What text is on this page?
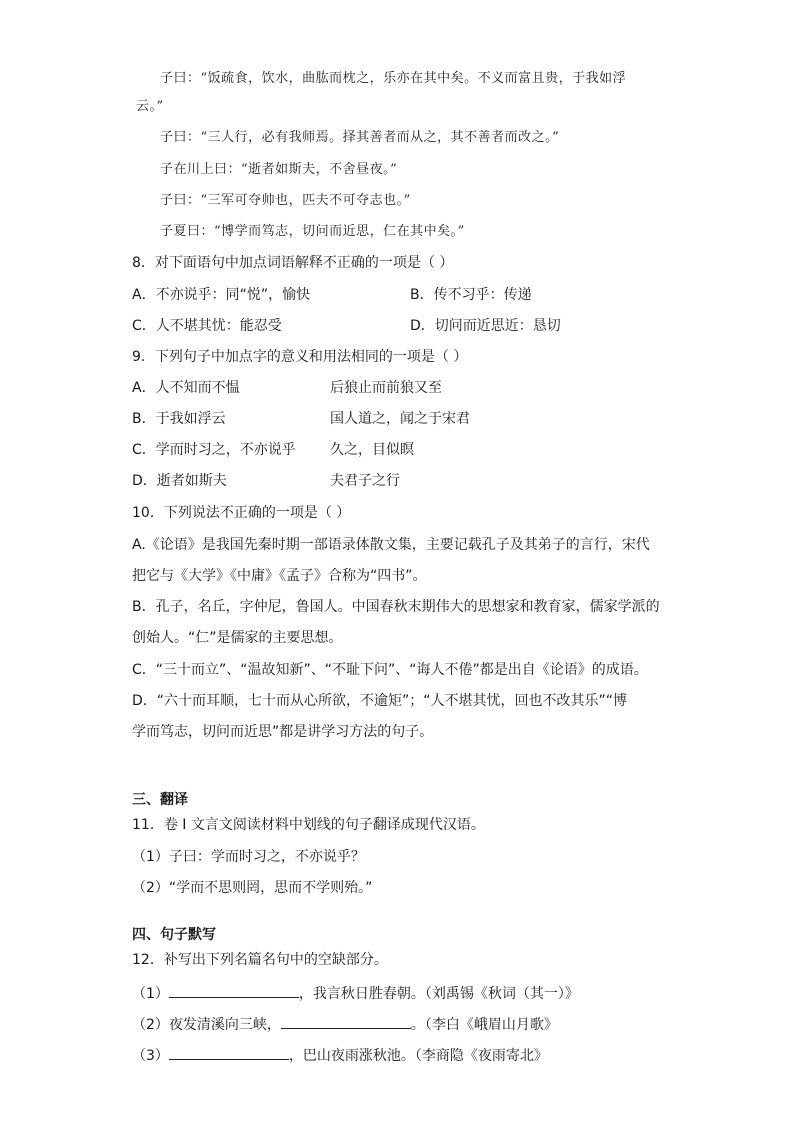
子曰：“饭疏食，饮水，曲肱而枕之，乐亦在其中矣。不义而富且贵，于我如浮
云。”
子曰：“三人行，必有我师焉。择其善者而从之，其不善者而改之。”
子在川上曰：“逝者如斯夫，不舍昼夜。”
子曰：“三军可夺帅也，匹夫不可夺志也。”
子夏曰：“博学而笃志，切问而近思，仁在其中矣。”
8．对下面语句中加点词语解释不正确的一项是（ ）
A．不亦说乎：同“悦”，愉快	B．传不习乎：传递
C．人不堪其忧：能忍受	D．切问而近思近：恳切
9．下列句子中加点字的意义和用法相同的一项是（ ）
A．人不知而不愠	后狼止而前狼又至
B．于我如浮云	国人道之，闻之于宋君
C．学而时习之，不亦说乎 久之，目似瞑
D．逝者如斯夫	夫君子之行
10．下列说法不正确的一项是（ ）
A.《论语》是我国先秦时期一部语录体散文集，主要记载孔子及其弟子的言行，宋代
把它与《大学》《中庸》《孟子》合称为“四书”。
B．孔子，名丘，字仲尼，鲁国人。中国春秋末期伟大的思想家和教育家，儒家学派的
创始人。“仁”是儒家的主要思想。
C．“三十而立”、“温故知新”、“不耻下问”、“诲人不倦”都是出自《论语》的成语。
D．“六十而耳顺，七十而从心所欲，不逾矩”；“人不堪其忧，回也不改其乐”“博
学而笃志，切问而近思”都是讲学习方法的句子。
三、翻译
11．卷 I 文言文阅读材料中划线的句子翻译成现代汉语。
（1）子曰：学而时习之，不亦说乎？
（2）“学而不思则罔，思而不学则殆。”
四、句子默写
12．补写出下列名篇名句中的空缺部分。
（1）	，我言秋日胜春朝。（刘禹锡《秋词（其一）》
（2）夜发清溪向三峡，	。（李白《峨眉山月歌》
（3）	，巴山夜雨涨秋池。（李商隐《夜雨寄北》
